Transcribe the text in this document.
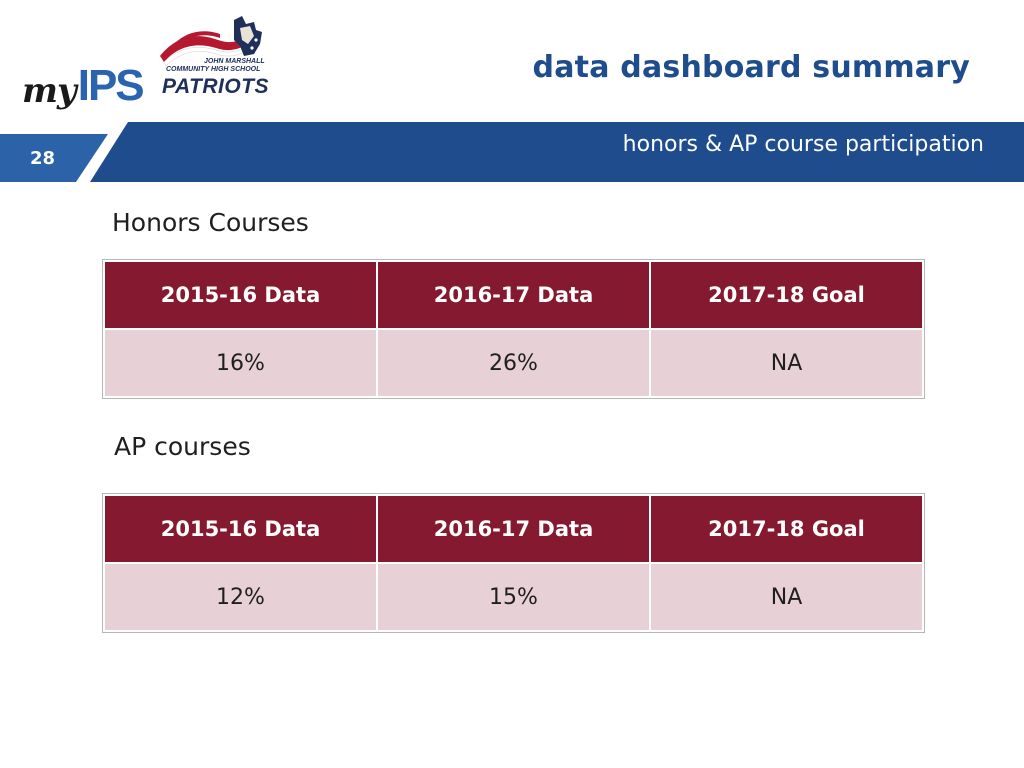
my IPS	JOHN MARSHALL
COMMUNITY HIGH SCHOOL
PATRIOTS
data dashboard summary
28
honors & AP course participation
Honors Courses
2015-16 Data	2016-17 Data	2017-18 Goal
16%	26%	NA
AP courses
2015-16 Data	2016-17 Data	2017-18 Goal
12%	15%	NA
